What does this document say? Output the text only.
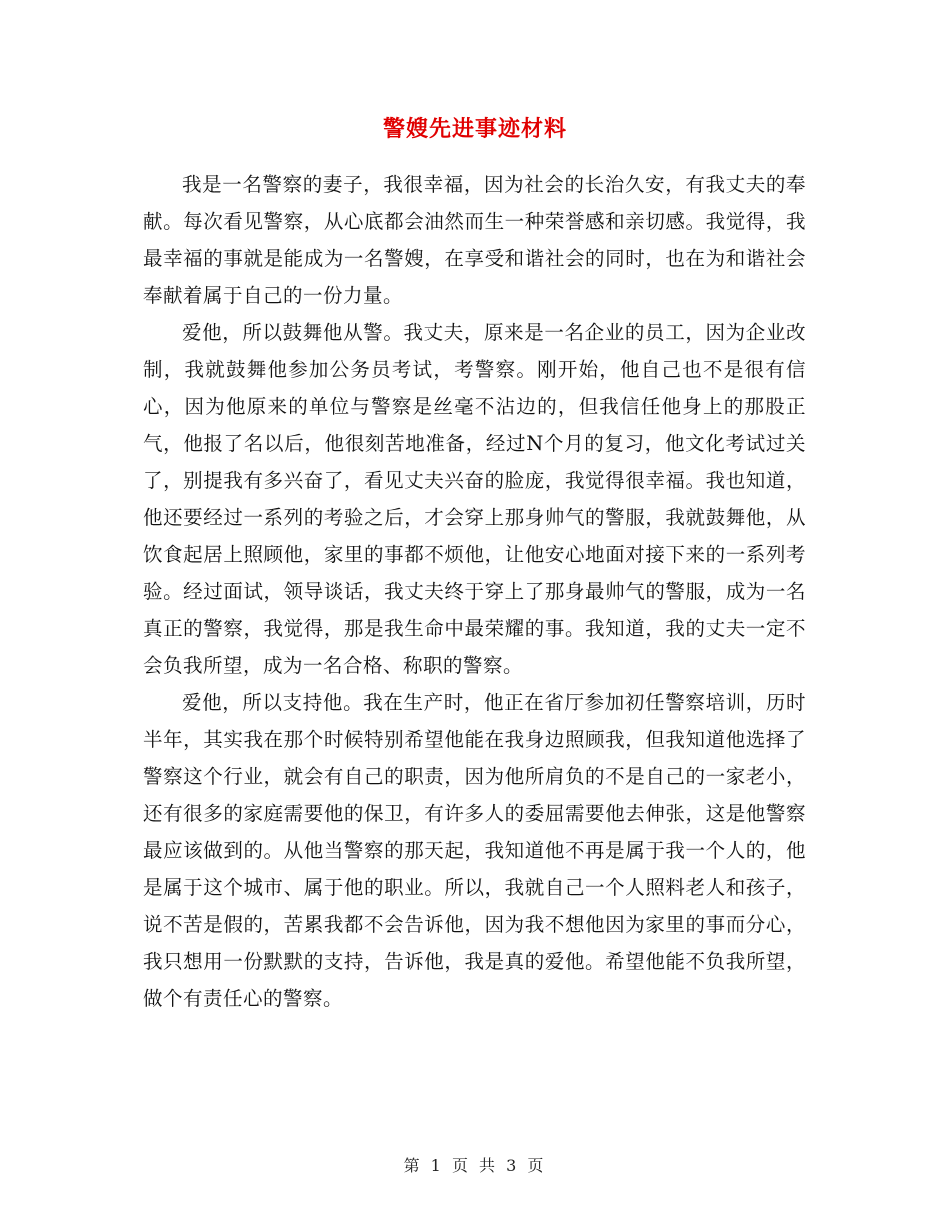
警嫂先进事迹材料

我是一名警察的妻子，我很幸福，因为社会的长治久安，有我丈夫的奉献。每次看见警察，从心底都会油然而生一种荣誉感和亲切感。我觉得，我最幸福的事就是能成为一名警嫂，在享受和谐社会的同时，也在为和谐社会奉献着属于自己的一份力量。

爱他，所以鼓舞他从警。我丈夫，原来是一名企业的员工，因为企业改制，我就鼓舞他参加公务员考试，考警察。刚开始，他自己也不是很有信心，因为他原来的单位与警察是丝毫不沾边的，但我信任他身上的那股正气，他报了名以后，他很刻苦地准备，经过N个月的复习，他文化考试过关了，别提我有多兴奋了，看见丈夫兴奋的脸庞，我觉得很幸福。我也知道，他还要经过一系列的考验之后，才会穿上那身帅气的警服，我就鼓舞他，从饮食起居上照顾他，家里的事都不烦他，让他安心地面对接下来的一系列考验。经过面试，领导谈话，我丈夫终于穿上了那身最帅气的警服，成为一名真正的警察，我觉得，那是我生命中最荣耀的事。我知道，我的丈夫一定不会负我所望，成为一名合格、称职的警察。

爱他，所以支持他。我在生产时，他正在省厅参加初任警察培训，历时半年，其实我在那个时候特别希望他能在我身边照顾我，但我知道他选择了警察这个行业，就会有自己的职责，因为他所肩负的不是自己的一家老小，还有很多的家庭需要他的保卫，有许多人的委屈需要他去伸张，这是他警察最应该做到的。从他当警察的那天起，我知道他不再是属于我一个人的，他是属于这个城市、属于他的职业。所以，我就自己一个人照料老人和孩子，说不苦是假的，苦累我都不会告诉他，因为我不想他因为家里的事而分心，我只想用一份默默的支持，告诉他，我是真的爱他。希望他能不负我所望，做个有责任心的警察。

第 1 页 共 3 页
